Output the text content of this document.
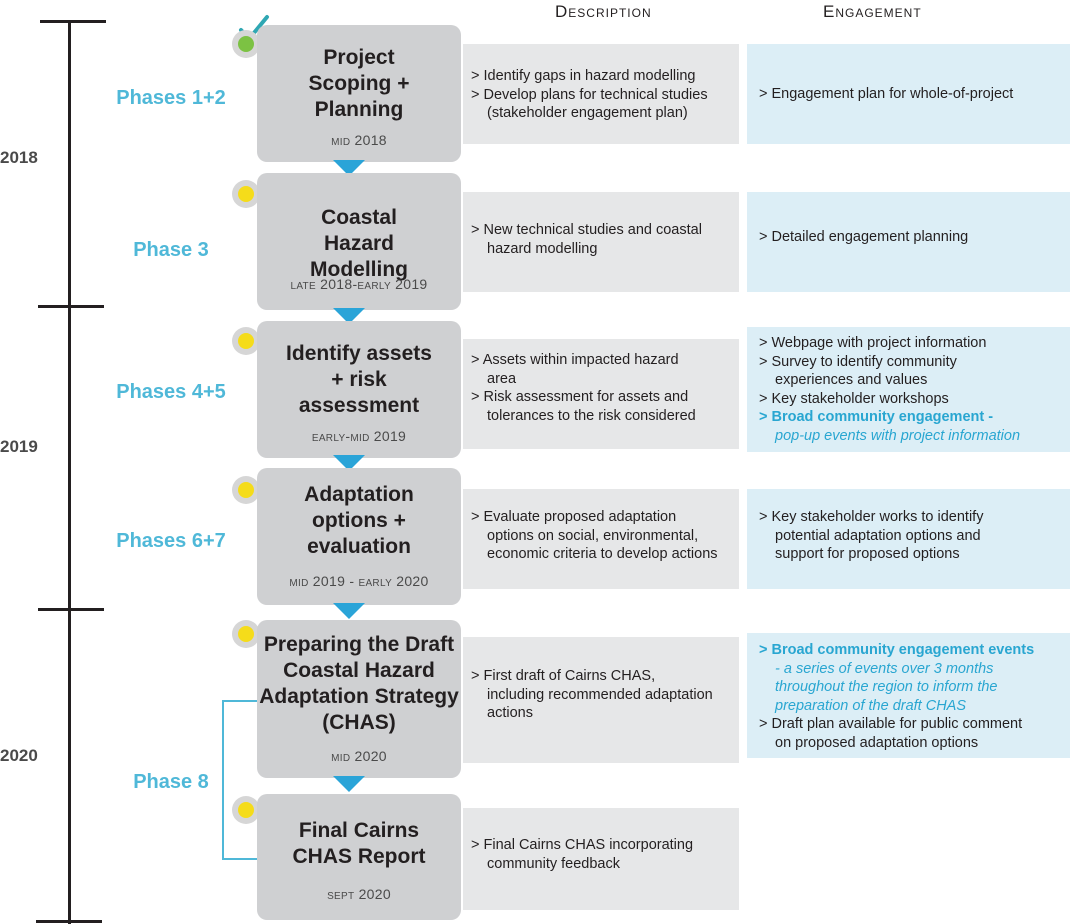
Description	Engagement
2018
2019
2020
Phases 1+2
Phase 3
Phases 4+5
Phases 6+7
Phase 8
Project Scoping + Planning
mid 2018
Coastal Hazard Modelling
late 2018-early 2019
Identify assets + risk assessment
early-mid 2019
Adaptation options + evaluation
mid 2019 - early 2020
Preparing the Draft Coastal Hazard Adaptation Strategy (CHAS)
mid 2020
Final Cairns CHAS Report
sept 2020
> Identify gaps in hazard modelling
> Develop plans for technical studies
(stakeholder engagement plan)
> New technical studies and coastal
hazard modelling
> Assets within impacted hazard
area
> Risk assessment for assets and
tolerances to the risk considered
> Evaluate proposed adaptation
options on social, environmental,
economic criteria to develop actions
> First draft of Cairns CHAS,
including recommended adaptation
actions
> Final Cairns CHAS incorporating
community feedback
> Engagement plan for whole-of-project
> Detailed engagement planning
> Webpage with project information
> Survey to identify community
experiences and values
> Key stakeholder workshops
> Broad community engagement -
pop-up events with project information
> Key stakeholder works to identify
potential adaptation options and
support for proposed options
> Broad community engagement events
- a series of events over 3 months
throughout the region to inform the
preparation of the draft CHAS
> Draft plan available for public comment
on proposed adaptation options
